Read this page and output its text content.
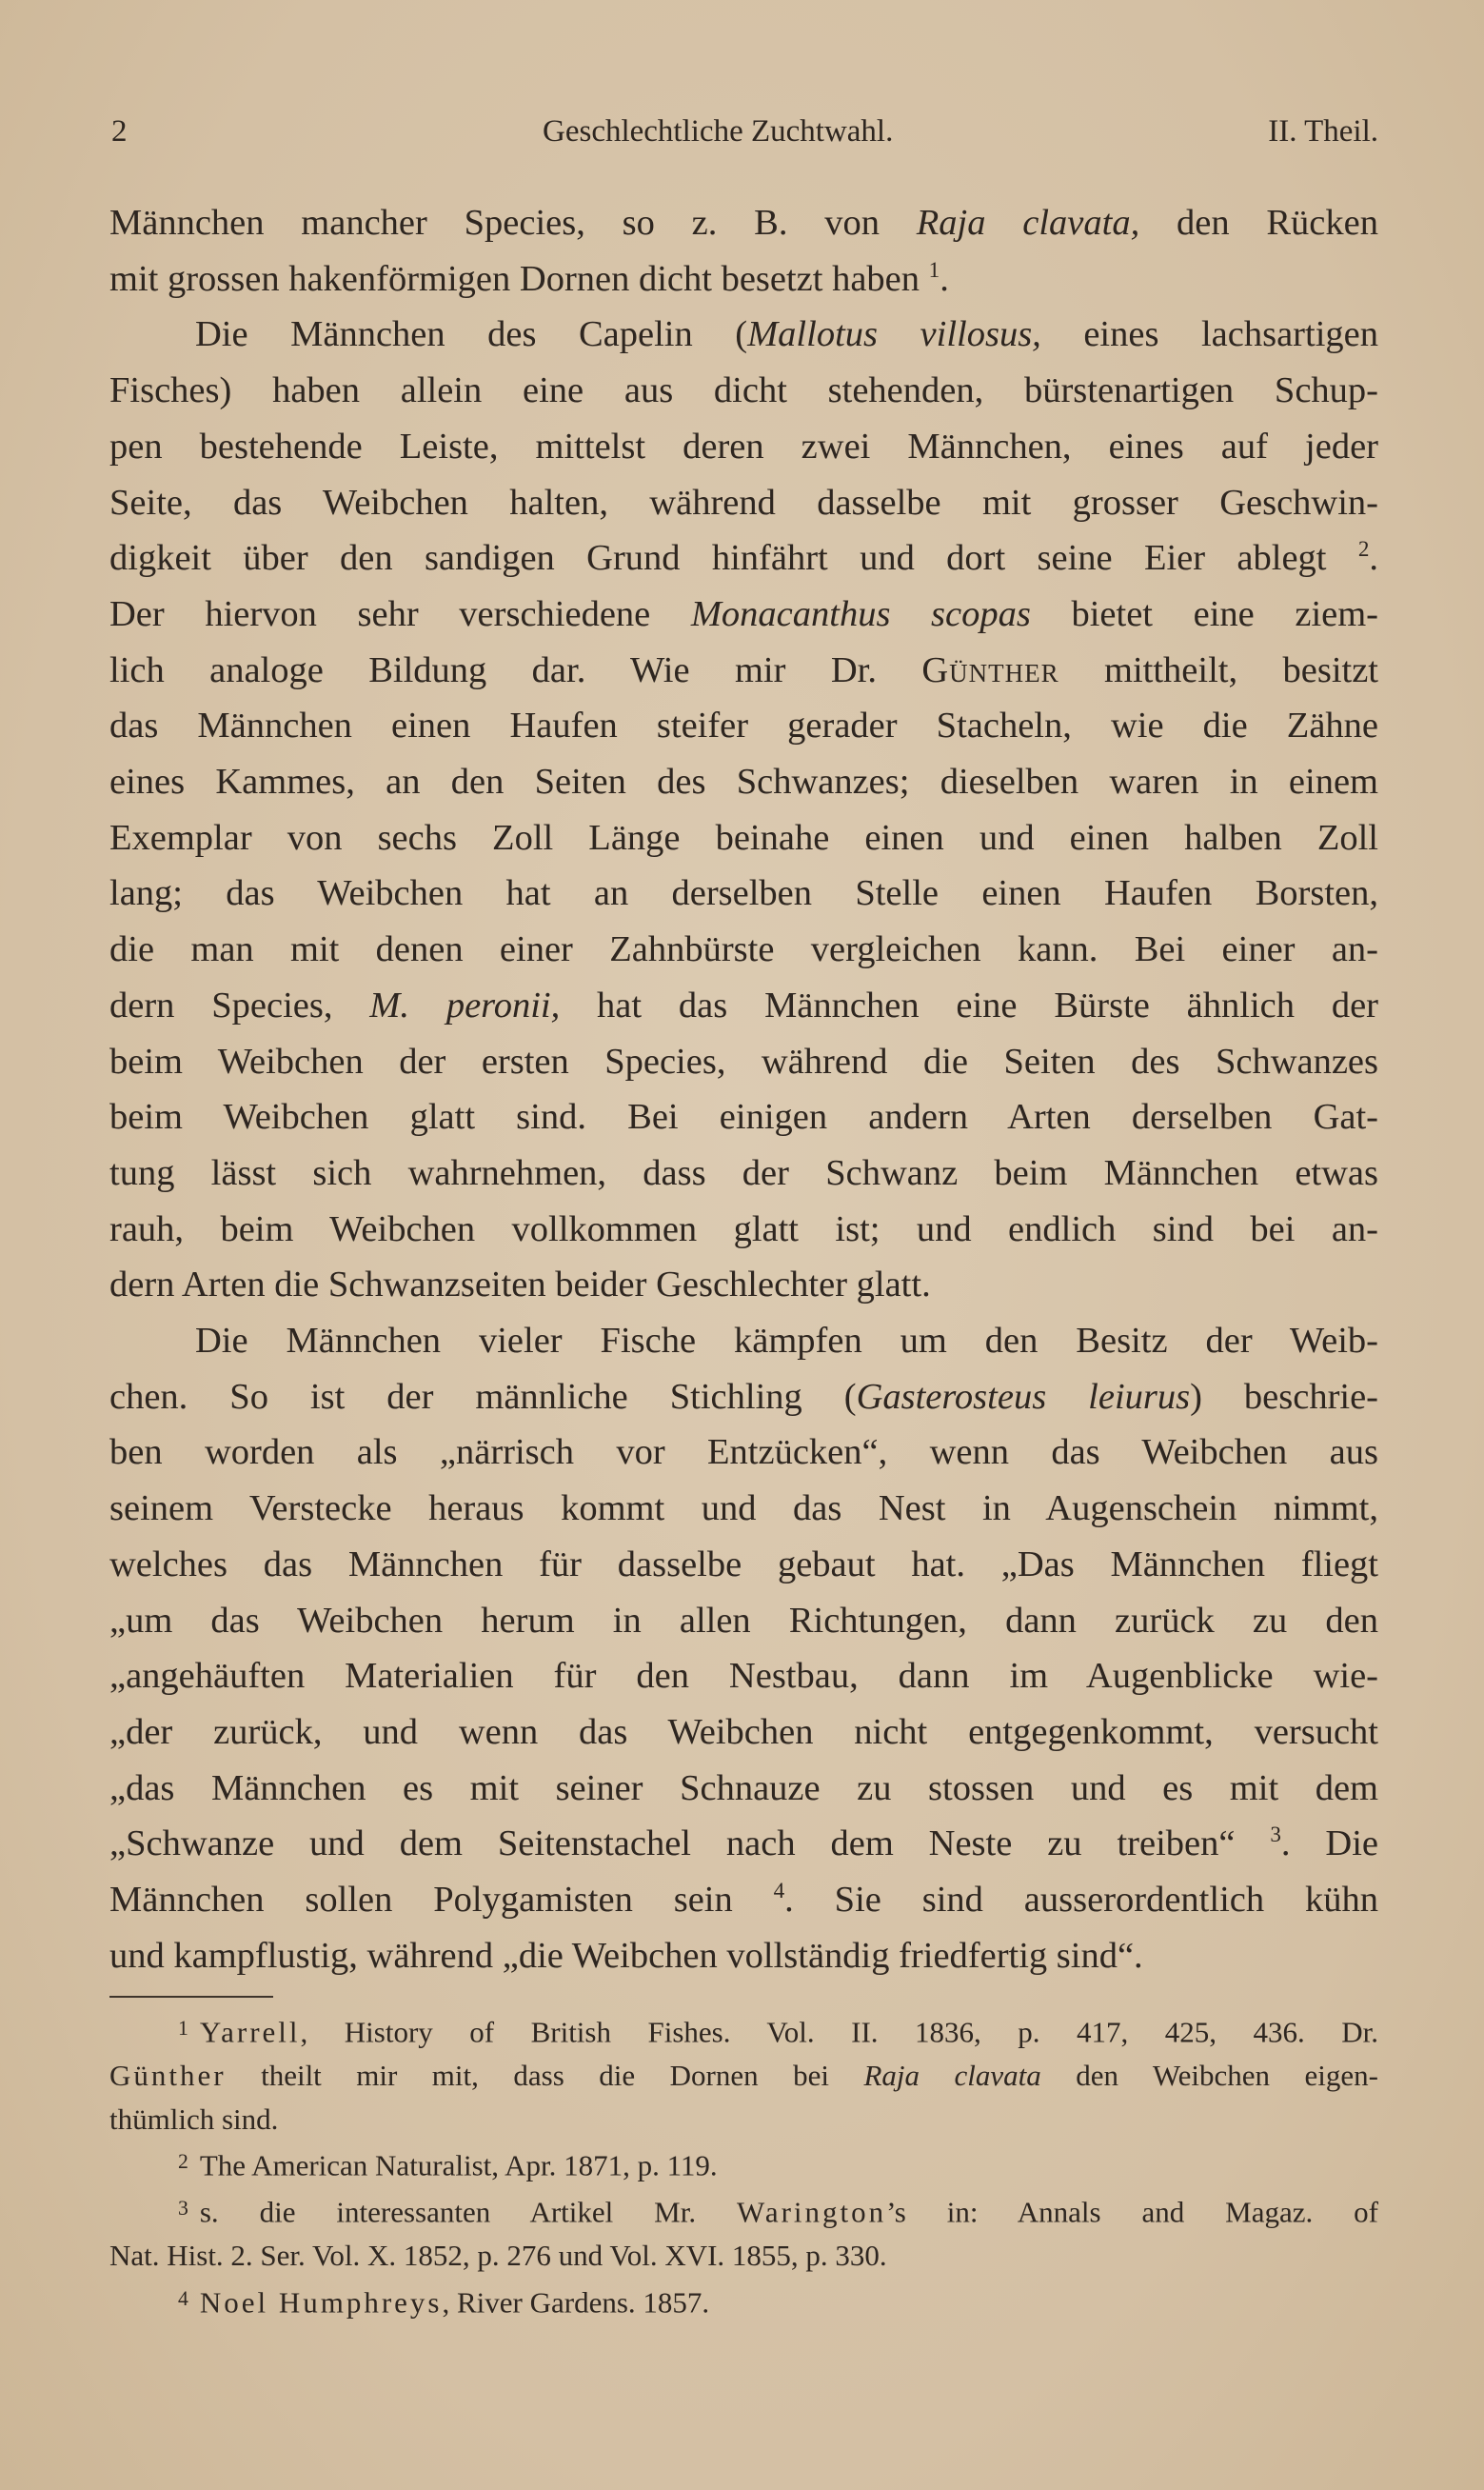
2	Geschlechtliche Zuchtwahl.	II. Theil.

Männchen mancher Species, so z. B. von Raja clavata, den Rücken
mit grossen hakenförmigen Dornen dicht besetzt haben $^1$.

Die Männchen des Capelin (Mallotus villosus, eines lachsartigen
Fisches) haben allein eine aus dicht stehenden, bürstenartigen Schup-
pen bestehende Leiste, mittelst deren zwei Männchen, eines auf jeder
Seite, das Weibchen halten, während dasselbe mit grosser Geschwin-
digkeit über den sandigen Grund hinfährt und dort seine Eier ablegt $^2$.
Der hiervon sehr verschiedene Monacanthus scopas bietet eine ziem-
lich analoge Bildung dar. Wie mir Dr. Günther mittheilt, besitzt
das Männchen einen Haufen steifer gerader Stacheln, wie die Zähne
eines Kammes, an den Seiten des Schwanzes; dieselben waren in einem
Exemplar von sechs Zoll Länge beinahe einen und einen halben Zoll
lang; das Weibchen hat an derselben Stelle einen Haufen Borsten,
die man mit denen einer Zahnbürste vergleichen kann. Bei einer an-
dern Species, M. peronii, hat das Männchen eine Bürste ähnlich der
beim Weibchen der ersten Species, während die Seiten des Schwanzes
beim Weibchen glatt sind. Bei einigen andern Arten derselben Gat-
tung lässt sich wahrnehmen, dass der Schwanz beim Männchen etwas
rauh, beim Weibchen vollkommen glatt ist; und endlich sind bei an-
dern Arten die Schwanzseiten beider Geschlechter glatt.

Die Männchen vieler Fische kämpfen um den Besitz der Weib-
chen. So ist der männliche Stichling (Gasterosteus leiurus) beschrie-
ben worden als „närrisch vor Entzücken“, wenn das Weibchen aus
seinem Verstecke heraus kommt und das Nest in Augenschein nimmt,
welches das Männchen für dasselbe gebaut hat. „Das Männchen fliegt
„um das Weibchen herum in allen Richtungen, dann zurück zu den
„angehäuften Materialien für den Nestbau, dann im Augenblicke wie-
„der zurück, und wenn das Weibchen nicht entgegenkommt, versucht
„das Männchen es mit seiner Schnauze zu stossen und es mit dem
„Schwanze und dem Seitenstachel nach dem Neste zu treiben“ $^3$. Die
Männchen sollen Polygamisten sein $^4$. Sie sind ausserordentlich kühn
und kampflustig, während „die Weibchen vollständig friedfertig sind“.

$^1$ Yarrell, History of British Fishes. Vol. II. 1836, p. 417, 425, 436. Dr.
Günther theilt mir mit, dass die Dornen bei Raja clavata den Weibchen eigen-
thümlich sind.
$^2$ The American Naturalist, Apr. 1871, p. 119.
$^3$ s. die interessanten Artikel Mr. Warington’s in: Annals and Magaz. of
Nat. Hist. 2. Ser. Vol. X. 1852, p. 276 und Vol. XVI. 1855, p. 330.
$^4$ Noel Humphreys, River Gardens. 1857.
